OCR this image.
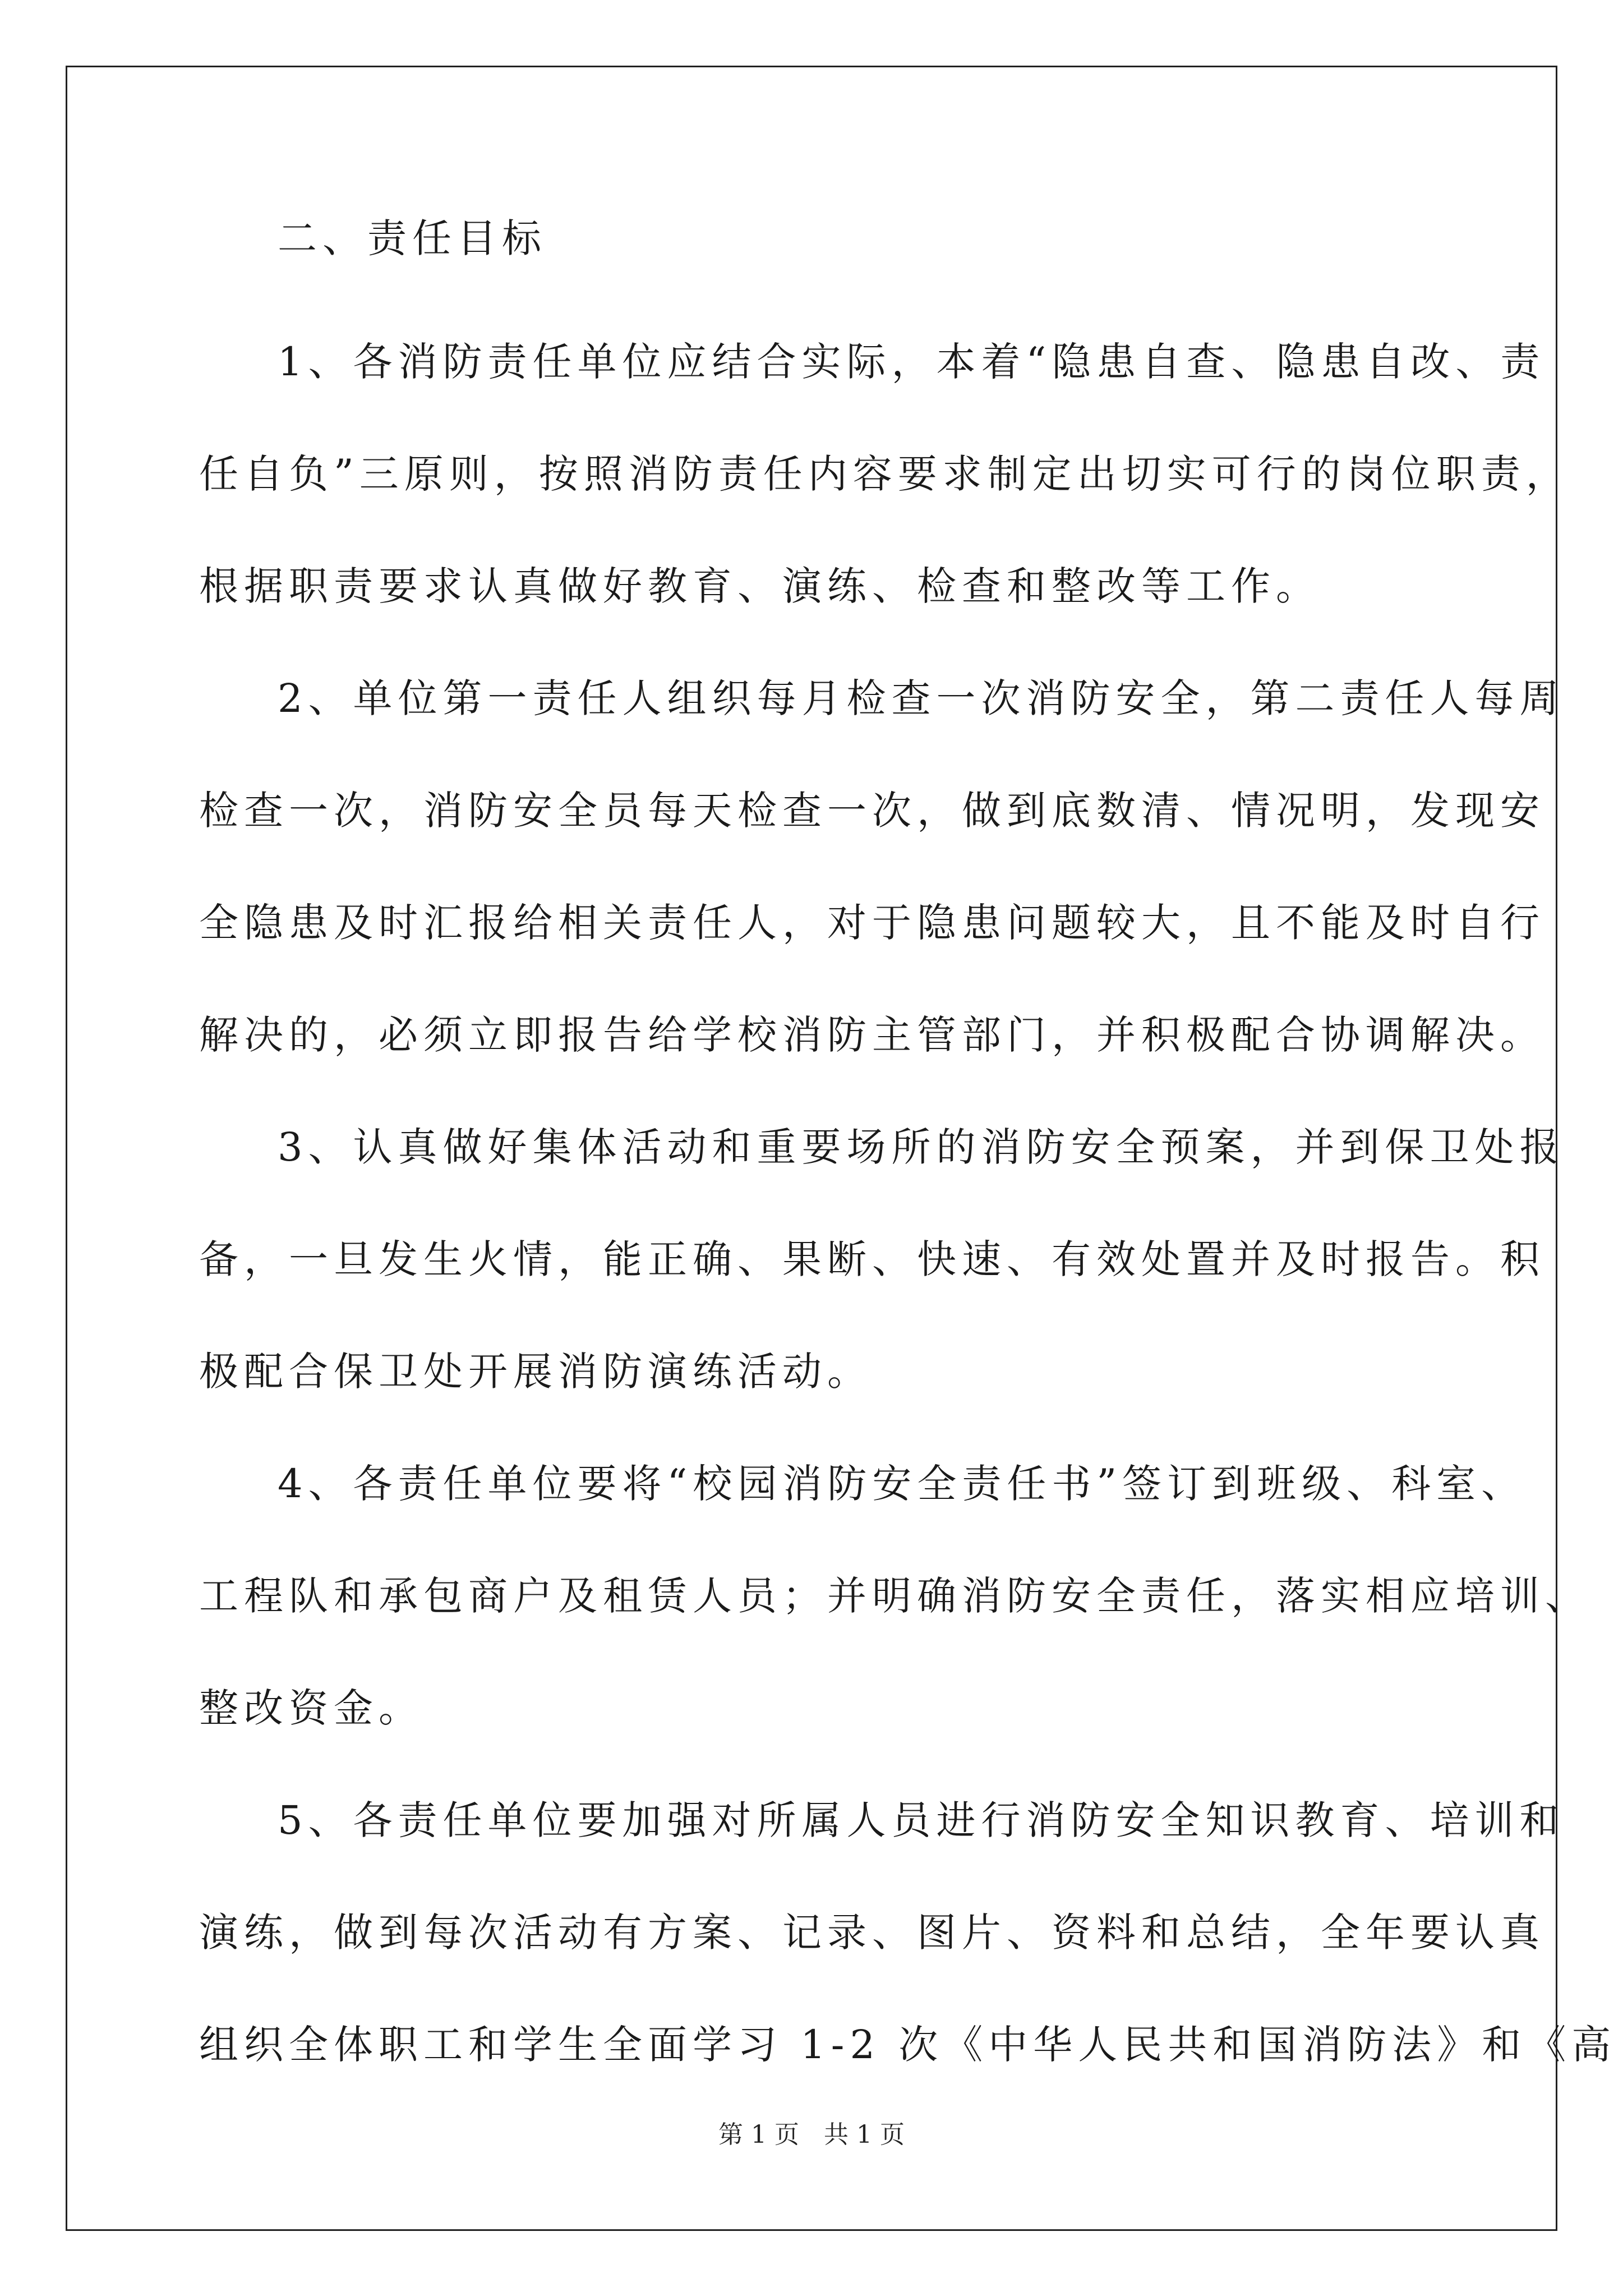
二、责任目标
1、各消防责任单位应结合实际，本着“隐患自查、隐患自改、责
任自负”三原则，按照消防责任内容要求制定出切实可行的岗位职责，
根据职责要求认真做好教育、演练、检查和整改等工作。
2、单位第一责任人组织每月检查一次消防安全，第二责任人每周
检查一次，消防安全员每天检查一次，做到底数清、情况明，发现安
全隐患及时汇报给相关责任人，对于隐患问题较大，且不能及时自行
解决的，必须立即报告给学校消防主管部门，并积极配合协调解决。
3、认真做好集体活动和重要场所的消防安全预案，并到保卫处报
备，一旦发生火情，能正确、果断、快速、有效处置并及时报告。积
极配合保卫处开展消防演练活动。
4、各责任单位要将“校园消防安全责任书”签订到班级、科室、
工程队和承包商户及租赁人员；并明确消防安全责任，落实相应培训、
整改资金。
5、各责任单位要加强对所属人员进行消防安全知识教育、培训和
演练，做到每次活动有方案、记录、图片、资料和总结，全年要认真
组织全体职工和学生全面学习 1-2 次《中华人民共和国消防法》和《高
第 1 页　共 1 页
